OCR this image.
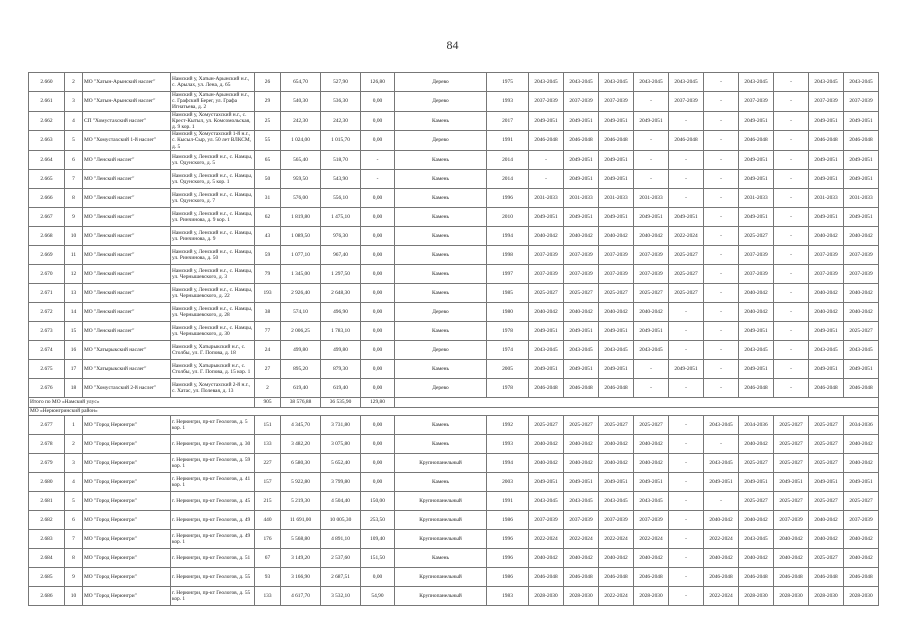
84
2.660	2	МО "Хатын-Арынский наслег"	Намский у, Хатын-Арынский н.г., с. Арылах, ул. Лена, д. 65	26	654,70	527,90	126,80	Дерево	1975	2043-2045	2043-2045	2043-2045	2043-2045	2043-2045	-	2043-2045	-	2043-2045	2043-2045
2.661	3	МО "Хатын-Арынский наслег"	Намский у, Хатын-Арынский н.г., с. Графский Берег, ул. Графа Игнатьева, д. 2	29	540,30	536,30	0,00	Дерево	1993	2037-2039	2037-2039	2037-2039	-	2037-2039	-	2037-2039	-	2037-2039	2037-2039
2.662	4	СП "Хомустахский наслег"	Намский у, Хомустахский н.г., с. Крест-Кытыл, ул. Комсомольская, д. 9 кор. 1	25	242,30	242,30	0,00	Камень	2017	2049-2051	2049-2051	2049-2051	2049-2051	-	-	2049-2051	-	2049-2051	2049-2051
2.663	5	МО "Хомустахский 1-й наслег"	Намский у, Хомустахский 1-й н.г., с. Кысыл-Сыр, ул. 50 лет ВЛКСМ, д. 5	55	1 024,00	1 015,70	0,00	Дерево	1991	2046-2048	2046-2048	2046-2048	-	2046-2048	-	2046-2048	-	2046-2048	2046-2048
2.664	6	МО "Ленский наслег"	Намский у, Ленский н.г., с. Намцы, ул. Одунского, д. 5	65	565,40	518,70	-	Камень	2014	-	2049-2051	2049-2051	-	-	-	2049-2051	-	2049-2051	2049-2051
2.665	7	МО "Ленский наслег"	Намский у, Ленский н.г., с. Намцы, ул. Одунского, д. 5 кор. 1	50	959,50	543,90	-	Камень	2014	-	2049-2051	2049-2051	-	-	-	2049-2051	-	2049-2051	2049-2051
2.666	8	МО "Ленский наслег"	Намский у, Ленский н.г., с. Намцы, ул. Одунского, д. 7	31	576,00	556,10	0,00	Камень	1996	2031-2033	2031-2033	2031-2033	2031-2033	-	-	2031-2033	-	2031-2033	2031-2033
2.667	9	МО "Ленский наслег"	Намский у, Ленский н.г., с. Намцы, ул. Ринчинова, д. 9 кор. 1	62	1 819,80	1 475,10	0,00	Камень	2010	2049-2051	2049-2051	2049-2051	2049-2051	2049-2051	-	2049-2051	-	2049-2051	2049-2051
2.668	10	МО "Ленский наслег"	Намский у, Ленский н.г., с. Намцы, ул. Ринчинова, д. 9	43	1 089,50	976,30	0,00	Камень	1994	2040-2042	2040-2042	2040-2042	2040-2042	2022-2024	-	2025-2027	-	2040-2042	2040-2042
2.669	11	МО "Ленский наслег"	Намский у, Ленский н.г., с. Намцы, ул. Ринчинова, д. 50	59	1 077,10	967,40	0,00	Камень	1998	2037-2039	2037-2039	2037-2039	2037-2039	2025-2027	-	2037-2039	-	2037-2039	2037-2039
2.670	12	МО "Ленский наслег"	Намский у, Ленский н.г., с. Намцы, ул. Чернышевского, д. 3	79	1 345,00	1 297,50	0,00	Камень	1997	2037-2039	2037-2039	2037-2039	2037-2039	2025-2027	-	2037-2039	-	2037-2039	2037-2039
2.671	13	МО "Ленский наслег"	Намский у, Ленский н.г., с. Намцы, ул. Чернышевского, д. 22	193	2 926,40	2 648,30	0,00	Камень	1985	2025-2027	2025-2027	2025-2027	2025-2027	2025-2027	-	2040-2042	-	2040-2042	2040-2042
2.672	14	МО "Ленский наслег"	Намский у, Ленский н.г., с. Намцы, ул. Чернышевского, д. 28	38	574,10	496,90	0,00	Дерево	1980	2040-2042	2040-2042	2040-2042	2040-2042	-	-	2040-2042	-	2040-2042	2040-2042
2.673	15	МО "Ленский наслег"	Намский у, Ленский н.г., с. Намцы, ул. Чернышевского, д. 30	77	2 006,25	1 783,10	0,00	Камень	1978	2049-2051	2049-2051	2049-2051	2049-2051	-	-	2049-2051	-	2049-2051	2025-2027
2.674	16	МО "Хатырыкский наслег"	Намский у, Хатырыкский н.г., с. Столбы, ул. Г. Попова, д. 18	24	499,80	499,80	0,00	Дерево	1974	2043-2045	2043-2045	2043-2045	2043-2045	-	-	2043-2045	-	2043-2045	2043-2045
2.675	17	МО "Хатырыкский наслег"	Намский у, Хатырыкский н.г., с. Столбы, ул. Г. Попова, д. 15 кор. 1	27	895,20	879,30	0,00	Камень	2005	2049-2051	2049-2051	2049-2051	-	2049-2051	-	2049-2051	-	2049-2051	2049-2051
2.676	18	МО "Хомустахский 2-й наслег"	Намский у, Хомустахский 2-й н.г., с. Хатас, ул. Полевая, д. 13	2	619,40	619,40	0,00	Дерево	1978	2046-2048	2046-2048	2046-2048	-	-	-	2046-2048	-	2046-2048	2046-2048
Итого по МО «Намский улус»				905	38 576,88	36 535,90	129,80												
МО «Нерюнгринский район»																			
2.677	1	МО "Город Нерюнгри"	г. Нерюнгри, пр-кт Геологов, д. 5 кор. 1	151	4 345,70	3 731,80	0,00	Камень	1992	2025-2027	2025-2027	2025-2027	2025-2027	-	2043-2045	2034-2036	2025-2027	2025-2027	2034-2036
2.678	2	МО "Город Нерюнгри"	г. Нерюнгри, пр-кт Геологов, д. 30	133	3 482,20	3 075,80	0,00	Камень	1993	2040-2042	2040-2042	2040-2042	2040-2042	-	-	2040-2042	2025-2027	2025-2027	2040-2042
2.679	3	МО "Город Нерюнгри"	г. Нерюнгри, пр-кт Геологов, д. 59 кор. 1	227	6 580,30	5 652,40	0,00	Крупнопанельный	1994	2040-2042	2040-2042	2040-2042	2040-2042	-	2043-2045	2025-2027	2025-2027	2025-2027	2040-2042
2.680	4	МО "Город Нерюнгри"	г. Нерюнгри, пр-кт Геологов, д. 41 кор. 1	157	5 922,80	3 799,80	0,00	Камень	2003	2049-2051	2049-2051	2049-2051	2049-2051	-	2049-2051	2049-2051	2049-2051	2049-2051	2049-2051
2.681	5	МО "Город Нерюнгри"	г. Нерюнгри, пр-кт Геологов, д. 45	215	5 219,30	4 504,40	150,00	Крупнопанельный	1991	2043-2045	2043-2045	2043-2045	2043-2045	-	-	2025-2027	2025-2027	2025-2027	2025-2027
2.682	6	МО "Город Нерюнгри"	г. Нерюнгри, пр-кт Геологов, д. 49	440	11 691,00	10 005,30	253,50	Крупнопанельный	1986	2037-2039	2037-2039	2037-2039	2037-2039	-	2040-2042	2040-2042	2037-2039	2040-2042	2037-2039
2.683	7	МО "Город Нерюнгри"	г. Нерюнгри, пр-кт Геологов, д. 49 кор. 1	176	5 568,80	4 891,10	109,40	Крупнопанельный	1996	2022-2024	2022-2024	2022-2024	2022-2024	-	2022-2024	2043-2045	2040-2042	2040-2042	2040-2042
2.684	8	МО "Город Нерюнгри"	г. Нерюнгри, пр-кт Геологов, д. 51	67	3 149,20	2 537,60	151,50	Камень	1996	2040-2042	2040-2042	2040-2042	2040-2042	-	2040-2042	2040-2042	2040-2042	2025-2027	2040-2042
2.685	9	МО "Город Нерюнгри"	г. Нерюнгри, пр-кт Геологов, д. 55	93	3 166,90	2 687,51	0,00	Крупнопанельный	1986	2046-2048	2046-2048	2046-2048	2046-2048	-	2046-2048	2046-2048	2046-2048	2046-2048	2046-2048
2.686	10	МО "Город Нерюнгри"	г. Нерюнгри, пр-кт Геологов, д. 55 кор. 1	133	4 617,70	3 532,10	54,90	Крупнопанельный	1983	2028-2030	2028-2030	2022-2024	2028-2030	-	2022-2024	2028-2030	2028-2030	2028-2030	2028-2030
